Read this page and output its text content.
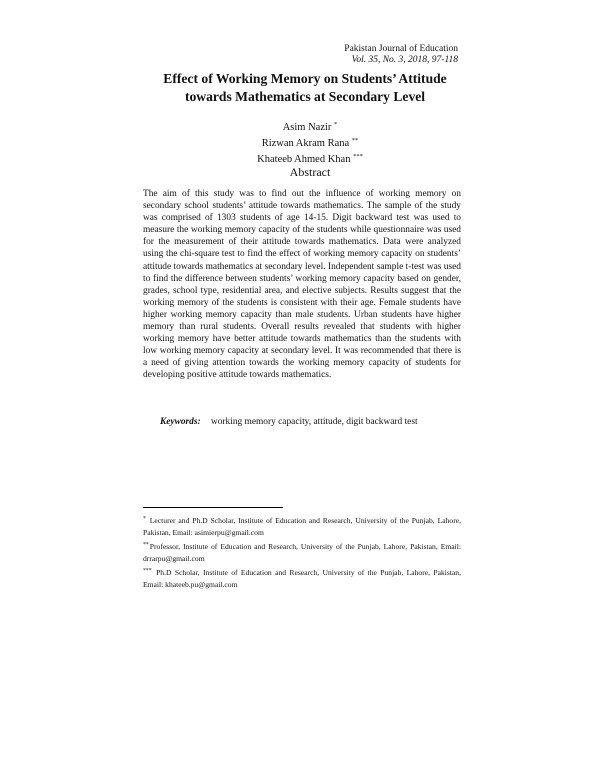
Pakistan Journal of Education
Vol. 35, No. 3, 2018, 97-118
Effect of Working Memory on Students’ Attitude
towards Mathematics at Secondary Level
Asim Nazir *
Rizwan Akram Rana **
Khateeb Ahmed Khan ***
Abstract

The aim of this study was to find out the influence of working memory on secondary school students’ attitude towards mathematics. The sample of the study was comprised of 1303 students of age 14-15. Digit backward test was used to measure the working memory capacity of the students while questionnaire was used for the measurement of their attitude towards mathematics. Data were analyzed using the chi-square test to find the effect of working memory capacity on students’ attitude towards mathematics at secondary level. Independent sample t-test was used to find the difference between students’ working memory capacity based on gender, grades, school type, residential area, and elective subjects. Results suggest that the working memory of the students is consistent with their age. Female students have higher working memory capacity than male students. Urban students have higher memory than rural students. Overall results revealed that students with higher working memory have better attitude towards mathematics than the students with low working memory capacity at secondary level. It was recommended that there is a need of giving attention towards the working memory capacity of students for developing positive attitude towards mathematics.

Keywords: working memory capacity, attitude, digit backward test

* Lecturer and Ph.D Scholar, Institute of Education and Research, University of the Punjab, Lahore, Pakistan, Email: asimierpu@gmail.com

**Professor, Institute of Education and Research, University of the Punjab, Lahore, Pakistan, Email: drrarpu@gmail.com

*** Ph.D Scholar, Institute of Education and Research, University of the Punjab, Lahore, Pakistan, Email: khateeb.pu@gmail.com
